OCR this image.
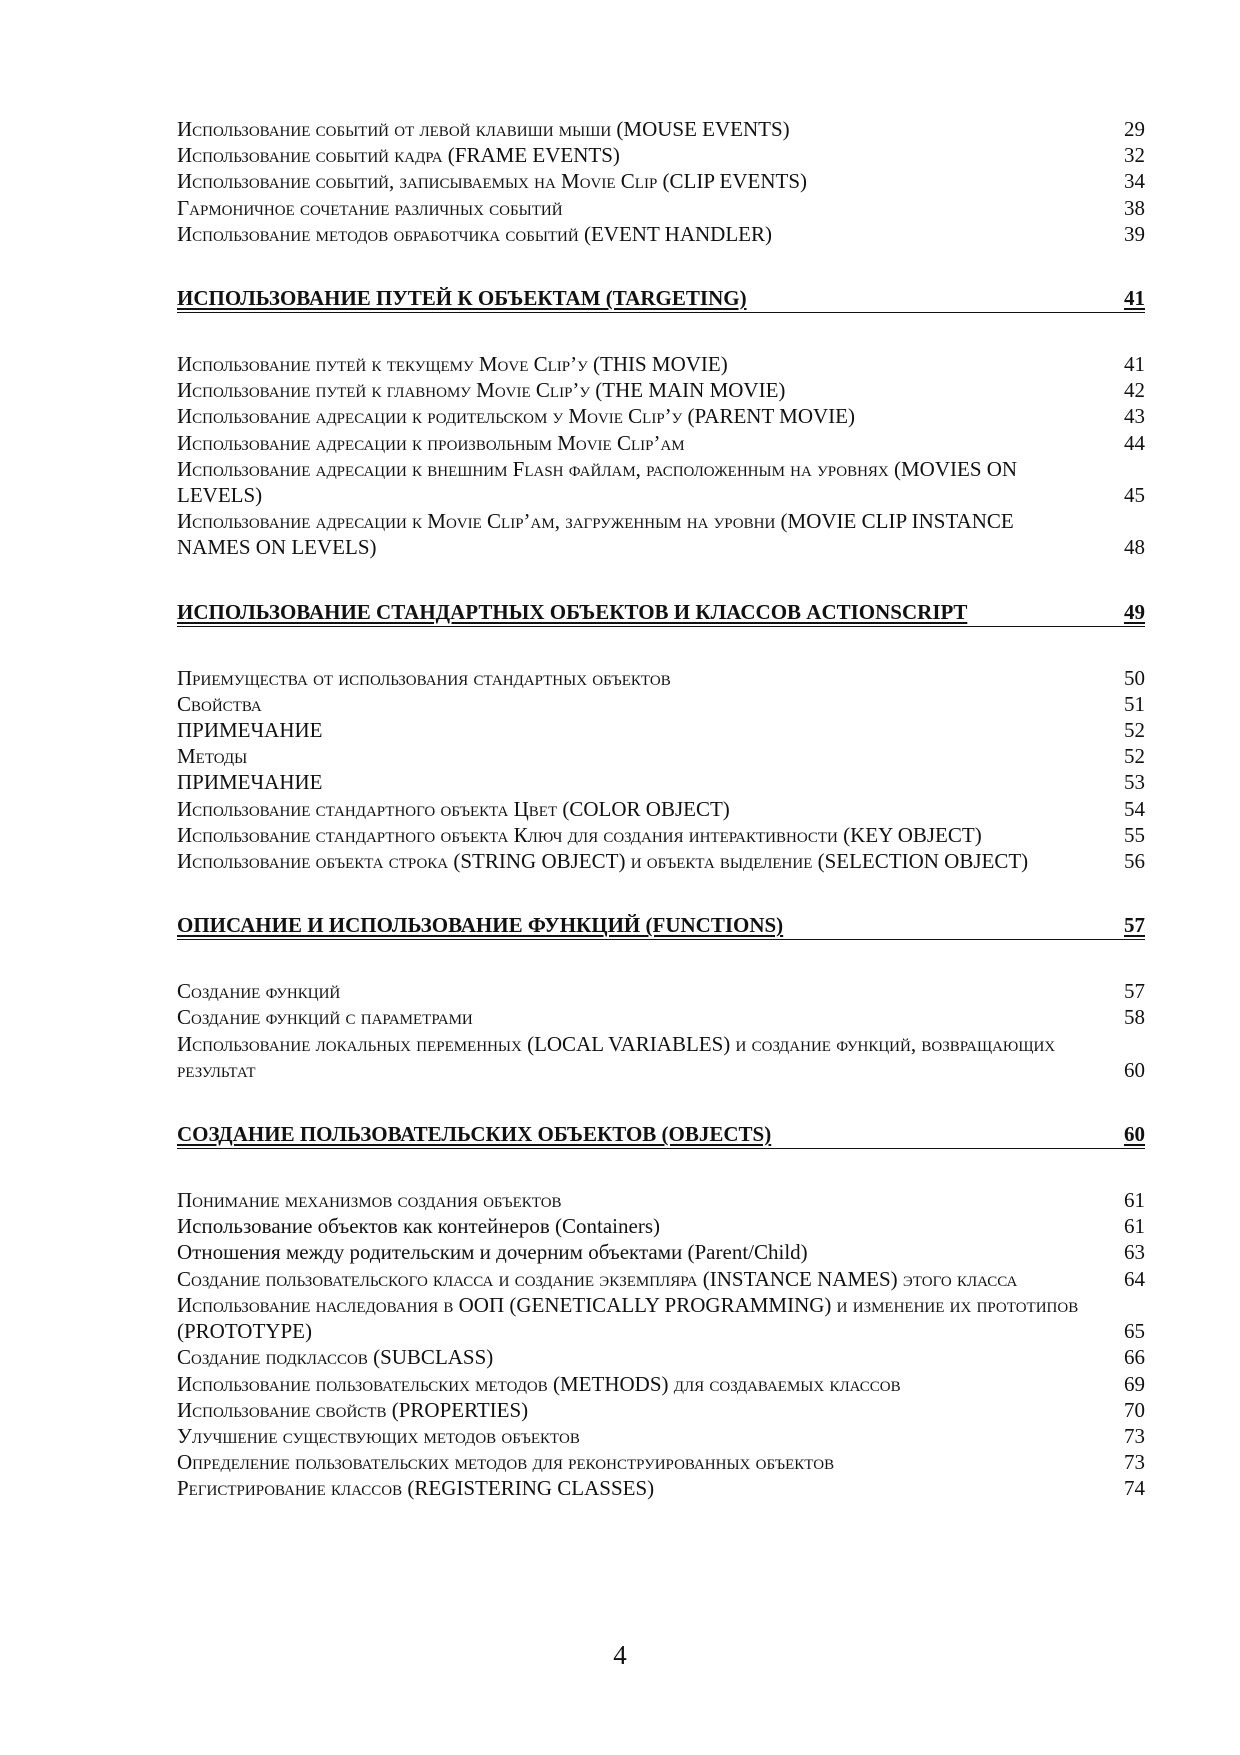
Использование событий от левой клавиши мыши (MOUSE EVENTS)	29
Использование событий кадра (FRAME EVENTS)	32
Использование событий, записываемых на Movie Clip (CLIP EVENTS)	34
Гармоничное сочетание различных событий	38
Использование методов обработчика событий (EVENT HANDLER)	39
ИСПОЛЬЗОВАНИЕ ПУТЕЙ К ОБЪЕКТАМ (TARGETING)	41
Использование путей к текущему Move Clip’у (THIS MOVIE)	41
Использование путей к главному Movie Clip’у (THE MAIN MOVIE)	42
Использование адресации к родительском у Movie Clip’у (PARENT MOVIE)	43
Использование адресации к произвольным Movie Clip’ам	44
Использование адресации к внешним Flash файлам, расположенным на уровнях (MOVIES ON LEVELS)	45
Использование адресации к Movie Clip’ам, загруженным на уровни (MOVIE CLIP INSTANCE NAMES ON LEVELS)	48
ИСПОЛЬЗОВАНИЕ СТАНДАРТНЫХ ОБЪЕКТОВ И КЛАССОВ ACTIONSCRIPT	49
Приемущества от использования стандартных объектов	50
Свойства	51
ПРИМЕЧАНИЕ	52
Методы	52
ПРИМЕЧАНИЕ	53
Использование стандартного объекта Цвет (COLOR OBJECT)	54
Использование стандартного объекта Ключ для создания интерактивности (KEY OBJECT)	55
Использование объекта строка (STRING OBJECT) и объекта выделение (SELECTION OBJECT)	56
ОПИСАНИЕ И ИСПОЛЬЗОВАНИЕ ФУНКЦИЙ (FUNCTIONS)	57
Создание функций	57
Создание функций с параметрами	58
Использование локальных переменных (LOCAL VARIABLES) и создание функций, возвращающих результат	60
СОЗДАНИЕ ПОЛЬЗОВАТЕЛЬСКИХ ОБЪЕКТОВ (OBJECTS)	60
Понимание механизмов создания объектов	61
Использование объектов как контейнеров (Containers)	61
Отношения между родительским и дочерним объектами (Parent/Child)	63
Создание пользовательского класса и создание экземпляра (INSTANCE NAMES) этого класса	64
Использование наследования в ООП (GENETICALLY PROGRAMMING) и изменение их прототипов (PROTOTYPE)	65
Создание подклассов (SUBCLASS)	66
Использование пользовательских методов (METHODS) для создаваемых классов	69
Использование свойств (PROPERTIES)	70
Улучшение существующих методов объектов	73
Определение пользовательских методов для реконструированных объектов	73
Регистрирование классов (REGISTERING CLASSES)	74
4
